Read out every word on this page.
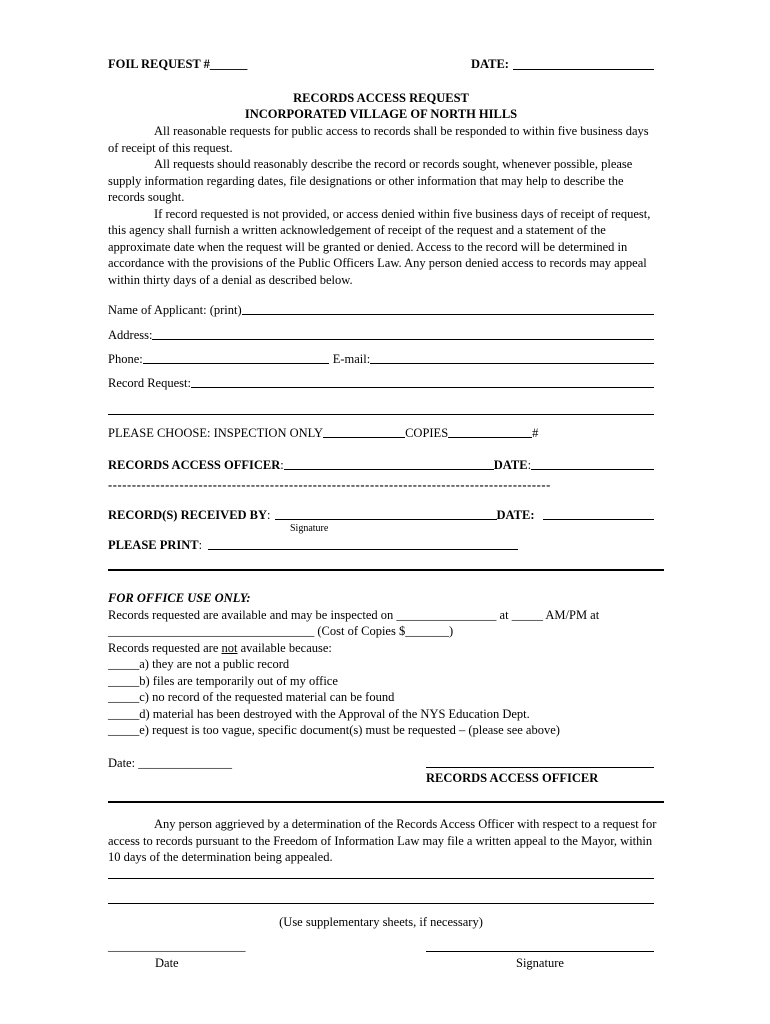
FOIL REQUEST #______	DATE:
RECORDS ACCESS REQUEST
INCORPORATED VILLAGE OF NORTH HILLS

All reasonable requests for public access to records shall be responded to within five business days of receipt of this request.

All requests should reasonably describe the record or records sought, whenever possible, please supply information regarding dates, file designations or other information that may help to describe the records sought.

If record requested is not provided, or access denied within five business days of receipt of request, this agency shall furnish a written acknowledgement of receipt of the request and a statement of the approximate date when the request will be granted or denied. Access to the record will be determined in accordance with the provisions of the Public Officers Law. Any person denied access to records may appeal within thirty days of a denial as described below.

Name of Applicant: (print)
Address:
Phone:	E-mail:
Record Request:
PLEASE CHOOSE: INSPECTION ONLY	COPIES	#
RECORDS ACCESS OFFICER :	DATE :
---------------------------------------------------------------------------------------------
RECORD(S) RECEIVED BY :	DATE:
Signature
PLEASE PRINT :
FOR OFFICE USE ONLY:
Records requested are available and may be inspected on ________________ at _____ AM/PM at
_________________________________ (Cost of Copies $_______)
Records requested are not available because:
_____a) they are not a public record
_____b) files are temporarily out of my office
_____c) no record of the requested material can be found
_____d) material has been destroyed with the Approval of the NYS Education Dept.
_____e) request is too vague, specific document(s) must be requested – (please see above)
Date: _______________
RECORDS ACCESS OFFICER

Any person aggrieved by a determination of the Records Access Officer with respect to a request for access to records pursuant to the Freedom of Information Law may file a written appeal to the Mayor, within 10 days of the determination being appealed.

(Use supplementary sheets, if necessary)
______________________
Date	Signature
